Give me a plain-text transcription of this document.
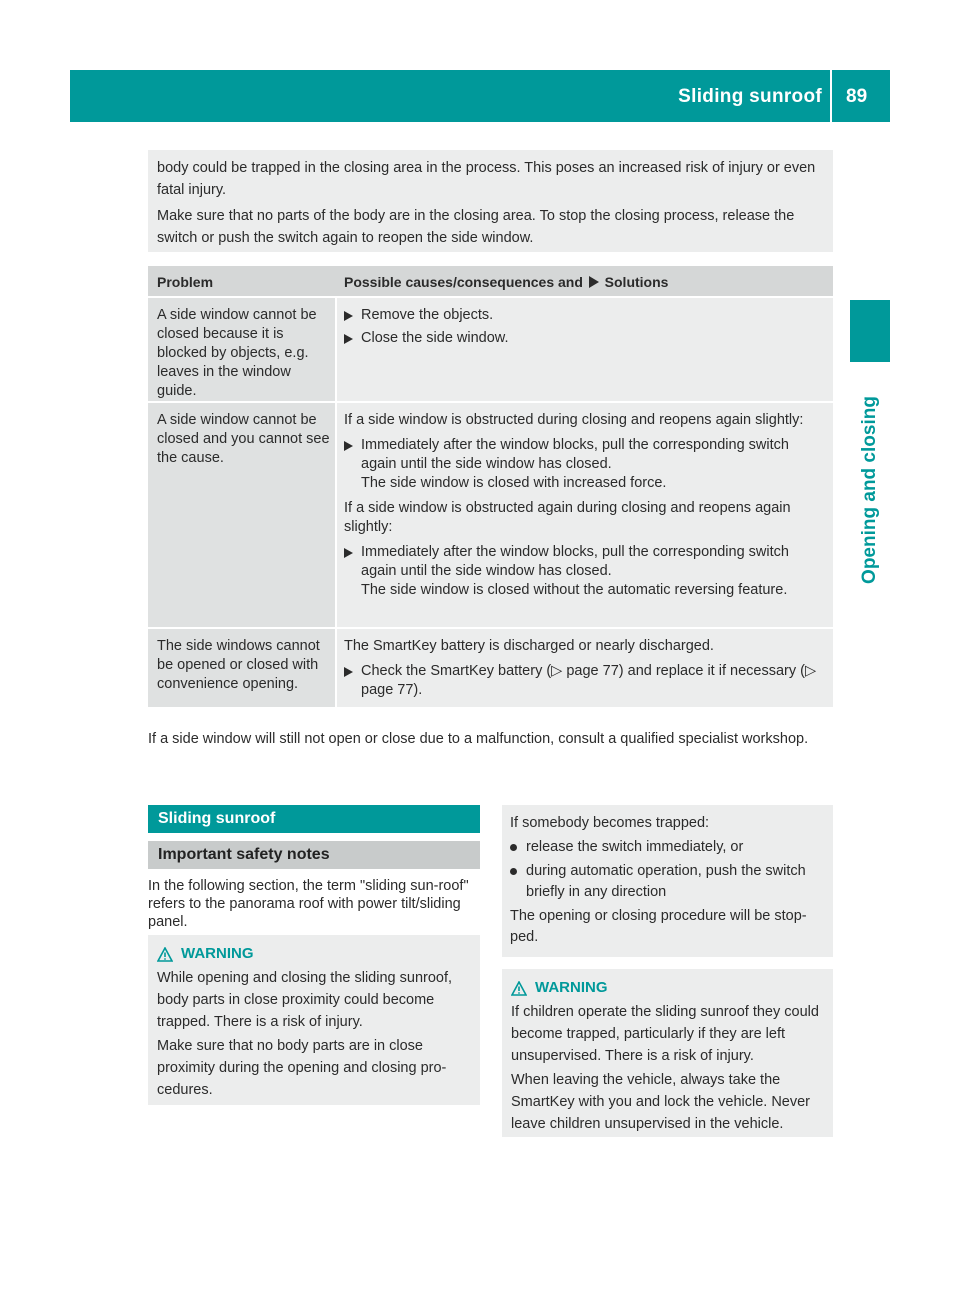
Sliding sunroof 89
Opening and closing

body could be trapped in the closing area in the process. This poses an increased risk of injury or even fatal injury.

Make sure that no parts of the body are in the closing area. To stop the closing process, release the switch or push the switch again to reopen the side window.

Problem	Possible causes/consequences and Solutions
A side window cannot be closed because it is blocked by objects, e.g. leaves in the window guide.
Remove the objects.
Close the side window.
A side window cannot be closed and you cannot see the cause.
If a side window is obstructed during closing and reopens again slightly:
Immediately after the window blocks, pull the corresponding switch again until the side window has closed.
The side window is closed with increased force.
If a side window is obstructed again during closing and reopens again slightly:
Immediately after the window blocks, pull the corresponding switch again until the side window has closed.
The side window is closed without the automatic reversing feature.
The side windows cannot be opened or closed with convenience opening.
The SmartKey battery is discharged or nearly discharged.
Check the SmartKey battery (▷ page 77) and replace it if necessary (▷ page 77).
If a side window will still not open or close due to a malfunction, consult a qualified specialist workshop.
Sliding sunroof
Important safety notes
In the following section, the term "sliding sun-roof" refers to the panorama roof with power tilt/sliding panel.
WARNING

While opening and closing the sliding sunroof, body parts in close proximity could become trapped. There is a risk of injury.

Make sure that no body parts are in close proximity during the opening and closing pro-cedures.

If somebody becomes trapped:
release the switch immediately, or
during automatic operation, push the switch briefly in any direction
The opening or closing procedure will be stop-ped.
WARNING

If children operate the sliding sunroof they could become trapped, particularly if they are left unsupervised. There is a risk of injury.

When leaving the vehicle, always take the SmartKey with you and lock the vehicle. Never leave children unsupervised in the vehicle.
